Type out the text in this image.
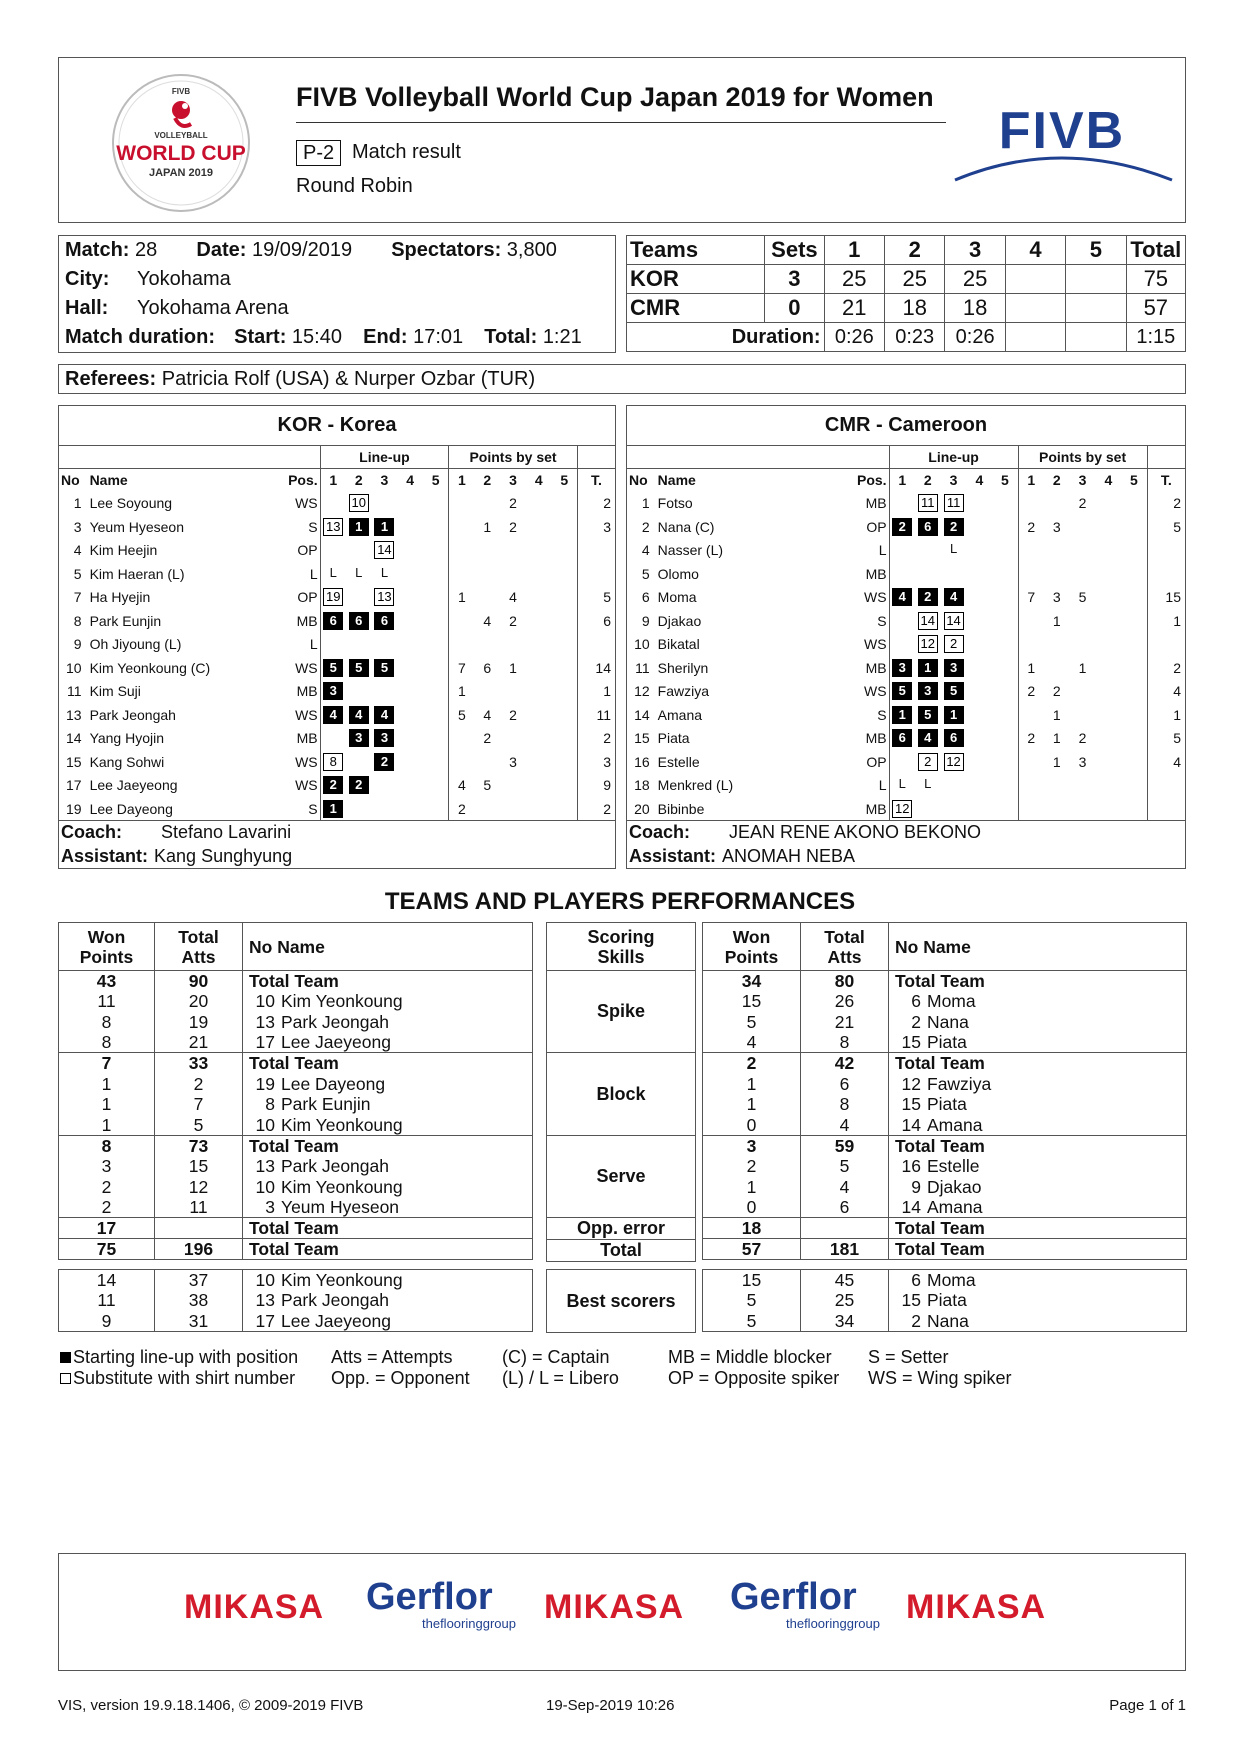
FIVB
VOLLEYBALL
WORLD CUP
JAPAN 2019
FIVB Volleyball World Cup Japan 2019 for Women
P-2 Match result
Round Robin
FIVB
Match: 28 Date: 19/09/2019 Spectators: 3,800
City: Yokohama
Hall: Yokohama Arena
Match duration: Start: 15:40 End: 17:01 Total: 1:21
Teams	Sets	1	2	3	4	5	Total
KOR	3	25	25	25			75
CMR	0	21	18	18			57
Duration:		0:26	0:23	0:26			1:15
Referees: Patricia Rolf (USA) & Nurper Ozbar (TUR)
KOR - Korea													
			Line-up					Points by set					
No	Name	Pos.	1	2	3	4	5	1	2	3	4	5	T.
1	Lee Soyoung	WS		10						2			2
3	Yeum Hyeseon	S	13	1	1				1	2			3
4	Kim Heejin	OP			14								
5	Kim Haeran (L)	L	L	L	L								
7	Ha Hyejin	OP	19		13			1		4			5
8	Park Eunjin	MB	6	6	6				4	2			6
9	Oh Jiyoung (L)	L											
10	Kim Yeonkoung (C)	WS	5	5	5			7	6	1			14
11	Kim Suji	MB	3					1					1
13	Park Jeongah	WS	4	4	4			5	4	2			11
14	Yang Hyojin	MB		3	3				2				2
15	Kang Sohwi	WS	8		2					3			3
17	Lee Jaeyeong	WS	2	2				4	5				9
19	Lee Dayeong	S	1					2					2
Coach: Stefano Lavarini													
Assistant: Kang Sunghyung													
CMR - Cameroon													
			Line-up					Points by set					
No	Name	Pos.	1	2	3	4	5	1	2	3	4	5	T.
1	Fotso	MB		11	11					2			2
2	Nana (C)	OP	2	6	2			2	3				5
4	Nasser (L)	L			L								
5	Olomo	MB											
6	Moma	WS	4	2	4			7	3	5			15
9	Djakao	S		14	14				1				1
10	Bikatal	WS		12	2								
11	Sherilyn	MB	3	1	3			1		1			2
12	Fawziya	WS	5	3	5			2	2				4
14	Amana	S	1	5	1				1				1
15	Piata	MB	6	4	6			2	1	2			5
16	Estelle	OP		2	12				1	3			4
18	Menkred (L)	L	L	L									
20	Bibinbe	MB	12										
Coach: JEAN RENE AKONO BEKONO													
Assistant: ANOMAH NEBA													
TEAMS AND PLAYERS PERFORMANCES
Won
Points	Total
Atts	No Name
43	90	Total Team
11	20	10 Kim Yeonkoung
8	19	13 Park Jeongah
8	21	17 Lee Jaeyeong
7	33	Total Team
1	2	19 Lee Dayeong
1	7	8 Park Eunjin
1	5	10 Kim Yeonkoung
8	73	Total Team
3	15	13 Park Jeongah
2	12	10 Kim Yeonkoung
2	11	3 Yeum Hyeseon
17		Total Team
75	196	Total Team
Scoring
Skills
Spike
Block
Serve
Opp. error
Total
Won
Points	Total
Atts	No Name
34	80	Total Team
15	26	6 Moma
5	21	2 Nana
4	8	15 Piata
2	42	Total Team
1	6	12 Fawziya
1	8	15 Piata
0	4	14 Amana
3	59	Total Team
2	5	16 Estelle
1	4	9 Djakao
0	6	14 Amana
18		Total Team
57	181	Total Team
14	37	10 Kim Yeonkoung
11	38	13 Park Jeongah
9	31	17 Lee Jaeyeong
Best scorers
15	45	6 Moma
5	25	15 Piata
5	34	2 Nana
Starting line-up with position
Substitute with shirt number
Atts = Attempts
Opp. = Opponent
(C) = Captain
(L) / L = Libero
MB = Middle blocker
OP = Opposite spiker
S = Setter
WS = Wing spiker
MIKASA Gerflor
theflooringgroup MIKASA Gerflor
theflooringgroup MIKASA
VIS, version 19.9.18.1406, © 2009-2019 FIVB	19-Sep-2019 10:26	Page 1 of 1
